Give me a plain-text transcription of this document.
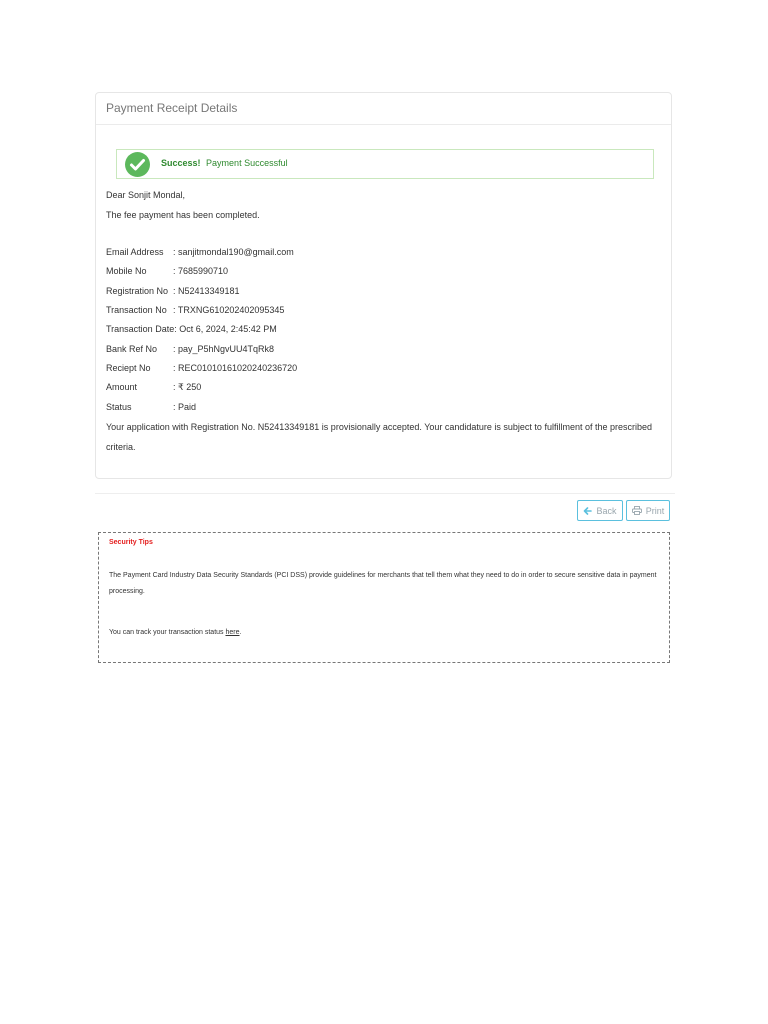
Payment Receipt Details
Success! Payment Successful
Dear Sonjit Mondal,
The fee payment has been completed.
Email Address : sanjitmondal190@gmail.com
Mobile No	: 7685990710
Registration No : N52413349181
Transaction No : TRXNG610202402095345
Transaction Date: Oct 6, 2024, 2:45:42 PM
Bank Ref No : pay_P5hNgvUU4TqRk8
Reciept No : REC01010161020240236720
Amount	: ₹ 250
Status	: Paid
Your application with Registration No. N52413349181 is provisionally accepted. Your candidature is subject to fulfillment of the prescribed criteria.
Back	Print
Security Tips
The Payment Card Industry Data Security Standards (PCI DSS) provide guidelines for merchants that tell them what they need to do in order to secure sensitive data in payment processing.
You can track your transaction status here.
